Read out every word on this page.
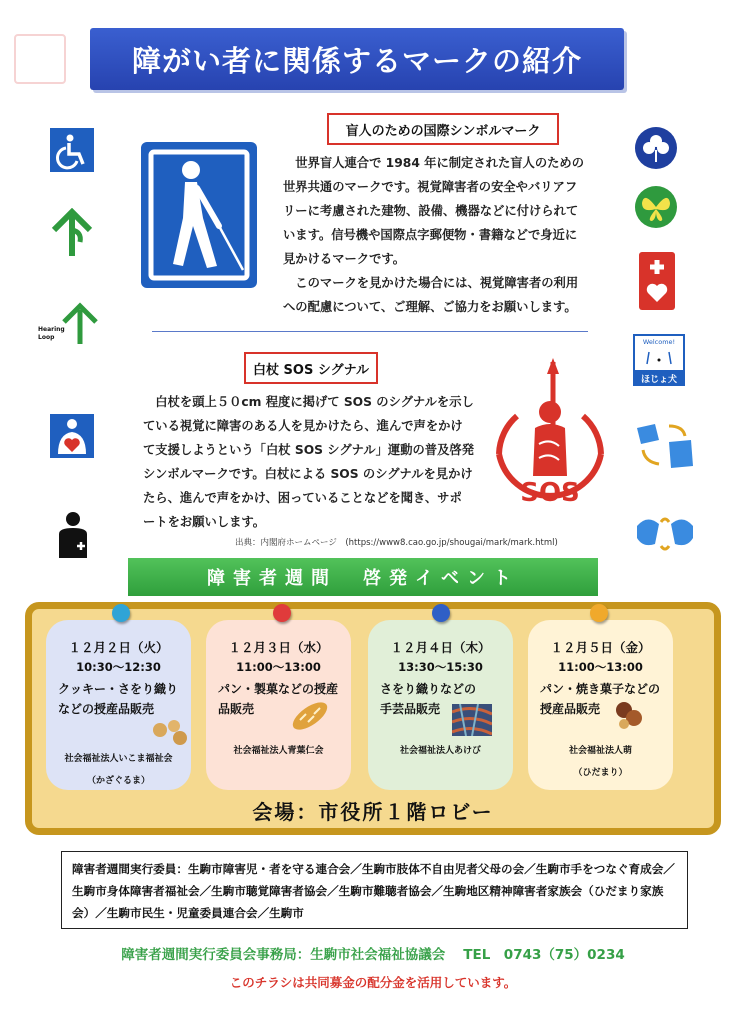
障がい者に関係するマークの紹介
Hearing Loop
Welcome!
ほじょ犬
盲人のための国際シンボルマーク
　世界盲人連合で 1984 年に制定された盲人のための
世界共通のマークです。視覚障害者の安全やバリアフ
リーに考慮された建物、設備、機器などに付けられて
います。信号機や国際点字郵便物・書籍などで身近に
見かけるマークです。
　このマークを見かけた場合には、視覚障害者の利用
への配慮について、ご理解、ご協力をお願いします。
白杖 SOS シグナル
　白杖を頭上５０cm 程度に掲げて SOS のシグナルを示し
ている視覚に障害のある人を見かけたら、進んで声をかけ
て支援しようという「白杖 SOS シグナル」運動の普及啓発
シンボルマークです。白杖による SOS のシグナルを見かけ
たら、進んで声をかけ、困っていることなどを聞き、サポ
ートをお願いします。
SOS
出典：内閣府ホームページ　(https://www8.cao.go.jp/shougai/mark/mark.html)
障害者週間　啓発イベント
１２月２日（火）
10:30～12:30
クッキー・さをり織り
などの授産品販売
社会福祉法人いこま福祉会
（かざぐるま）
１２月３日（水）
11:00～13:00
パン・製菓などの授産
品販売
社会福祉法人青葉仁会
１２月４日（木）
13:30～15:30
さをり織りなどの
手芸品販売
社会福祉法人あけび
１２月５日（金）
11:00～13:00
パン・焼き菓子などの
授産品販売
社会福祉法人萌
（ひだまり）
会場：市役所１階ロビー
障害者週間実行委員：生駒市障害児・者を守る連合会／生駒市肢体不自由児者父母の会／生駒市手をつなぐ育成会／生駒市身体障害者福祉会／生駒市聴覚障害者協会／生駒市難聴者協会／生駒地区精神障害者家族会（ひだまり家族会）／生駒市民生・児童委員連合会／生駒市
障害者週間実行委員会事務局：生駒市社会福祉協議会 TEL　0743（75）0234
このチラシは共同募金の配分金を活用しています。
